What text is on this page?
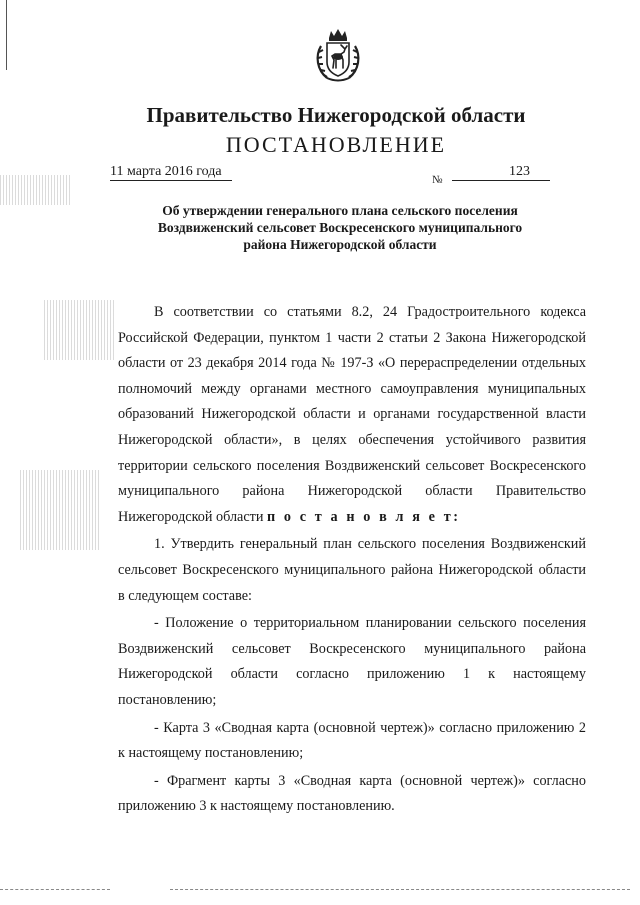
Правительство Нижегородской области
ПОСТАНОВЛЕНИЕ
11 марта 2016 года
№
123
Об утверждении генерального плана сельского поселения
Воздвиженский сельсовет Воскресенского муниципального
района Нижегородской области

В соответствии со статьями 8.2, 24 Градостроительного кодекса Российской Федерации, пунктом 1 части 2 статьи 2 Закона Нижегородской области от 23 декабря 2014 года № 197-З «О перераспределении отдельных полномочий между органами местного самоуправления муниципальных образований Нижегородской области и органами государственной власти Нижегородской области», в целях обеспечения устойчивого развития территории сельского поселения Воздвиженский сельсовет Воскресенского муниципального района Нижегородской области Правительство Нижегородской области п о с т а н о в л я е т:

1. Утвердить генеральный план сельского поселения Воздвиженский сельсовет Воскресенского муниципального района Нижегородской области в следующем составе:

- Положение о территориальном планировании сельского поселения Воздвиженский сельсовет Воскресенского муниципального района Нижегородской области согласно приложению 1 к настоящему постановлению;

- Карта 3 «Сводная карта (основной чертеж)» согласно приложению 2 к настоящему постановлению;

- Фрагмент карты 3 «Сводная карта (основной чертеж)» согласно приложению 3 к настоящему постановлению.
